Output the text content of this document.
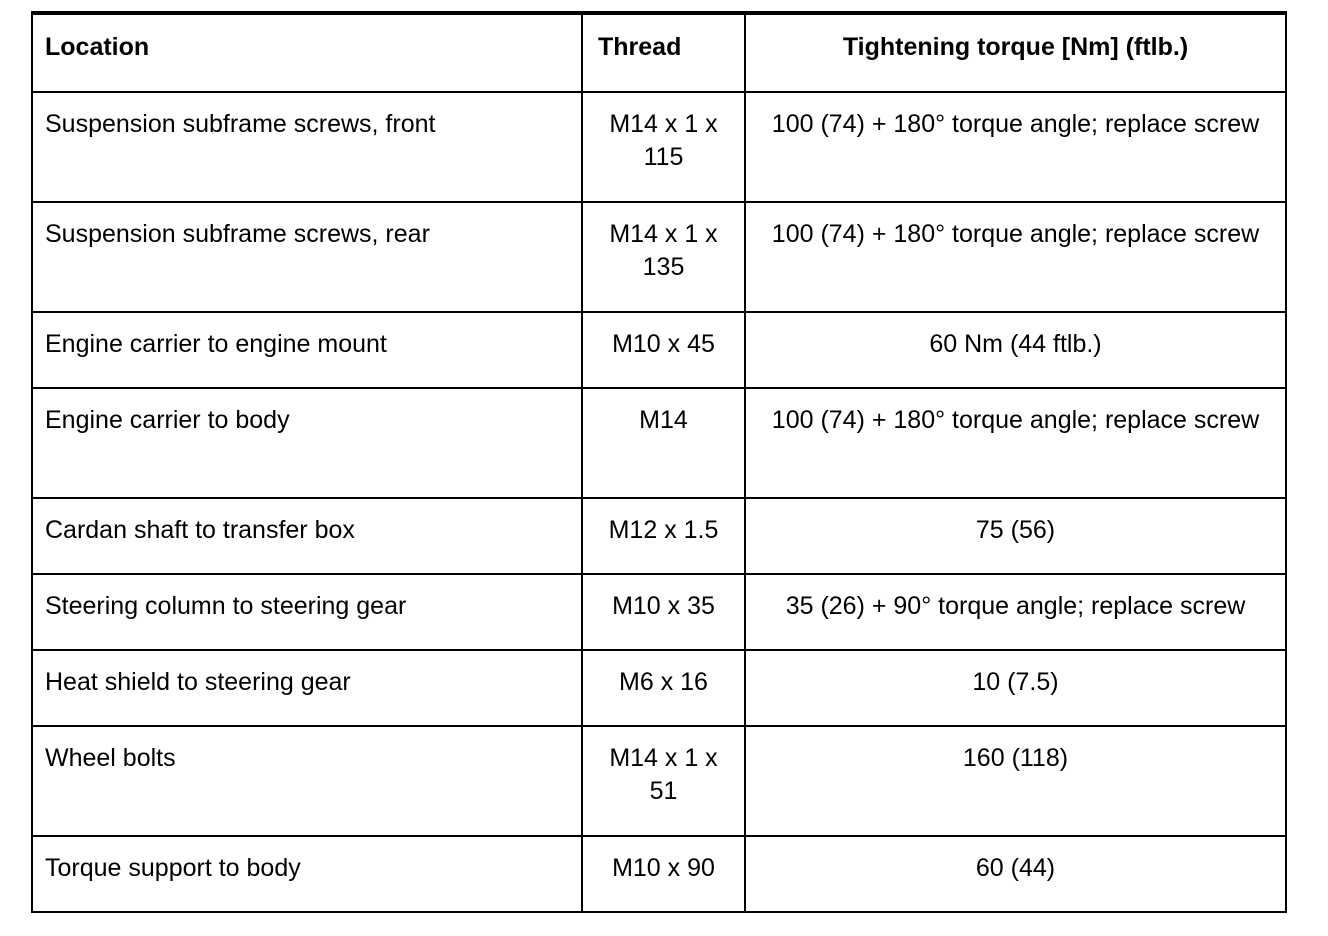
Location	Thread	Tightening torque [Nm] (ftlb.)
Suspension subframe screws, front	M14 x 1 x 115	100 (74) + 180° torque angle; replace screw
Suspension subframe screws, rear	M14 x 1 x 135	100 (74) + 180° torque angle; replace screw
Engine carrier to engine mount	M10 x 45	60 Nm (44 ftlb.)
Engine carrier to body	M14	100 (74) + 180° torque angle; replace screw
Cardan shaft to transfer box	M12 x 1.5	75 (56)
Steering column to steering gear	M10 x 35	35 (26) + 90° torque angle; replace screw
Heat shield to steering gear	M6 x 16	10 (7.5)
Wheel bolts	M14 x 1 x 51	160 (118)
Torque support to body	M10 x 90	60 (44)
